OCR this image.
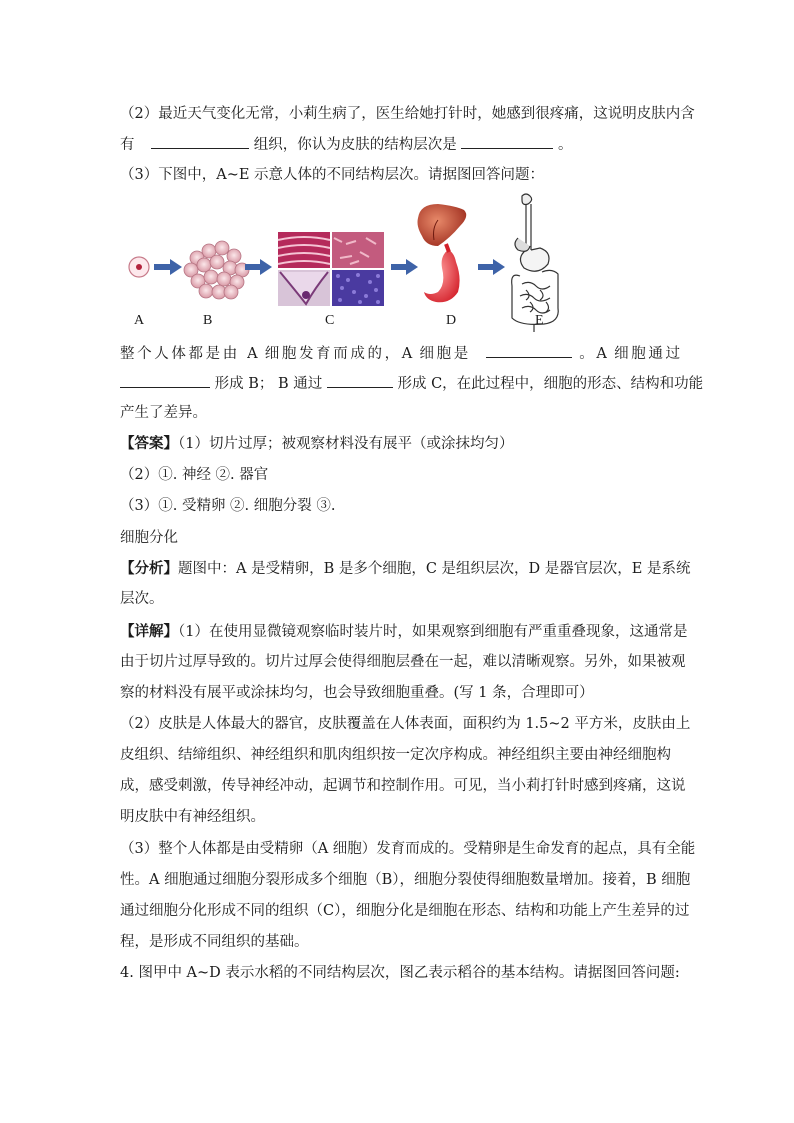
（2）最近天气变化无常，小莉生病了，医生给她打针时，她感到很疼痛，这说明皮肤内含
有	组织，你认为皮肤的结构层次是	。
（3）下图中，A~E 示意人体的不同结构层次。请据图回答问题：
A	B	C	D	E
整个人体都是由 A 细胞发育而成的，A 细胞是	。A 细胞通过
形成 B； B 通过	形成 C，在此过程中，细胞的形态、结构和功能
产生了差异。
【答案】（1）切片过厚；被观察材料没有展平（或涂抹均匀）
（2）①. 神经 ②. 器官
（3）①. 受精卵 ②. 细胞分裂 ③.
细胞分化
【分析】题图中：A 是受精卵，B 是多个细胞，C 是组织层次，D 是器官层次，E 是系统
层次。
【详解】（1）在使用显微镜观察临时装片时，如果观察到细胞有严重重叠现象，这通常是
由于切片过厚导致的。切片过厚会使得细胞层叠在一起，难以清晰观察。另外，如果被观
察的材料没有展平或涂抹均匀，也会导致细胞重叠。(写 1 条，合理即可）
（2）皮肤是人体最大的器官，皮肤覆盖在人体表面，面积约为 1.5~2 平方米，皮肤由上
皮组织、结缔组织、神经组织和肌肉组织按一定次序构成。神经组织主要由神经细胞构
成，感受刺激，传导神经冲动，起调节和控制作用。可见，当小莉打针时感到疼痛，这说
明皮肤中有神经组织。
（3）整个人体都是由受精卵（A 细胞）发育而成的。受精卵是生命发育的起点，具有全能
性。A 细胞通过细胞分裂形成多个细胞（B），细胞分裂使得细胞数量增加。接着，B 细胞
通过细胞分化形成不同的组织（C），细胞分化是细胞在形态、结构和功能上产生差异的过
程，是形成不同组织的基础。
4. 图甲中 A~D 表示水稻的不同结构层次，图乙表示稻谷的基本结构。请据图回答问题:
